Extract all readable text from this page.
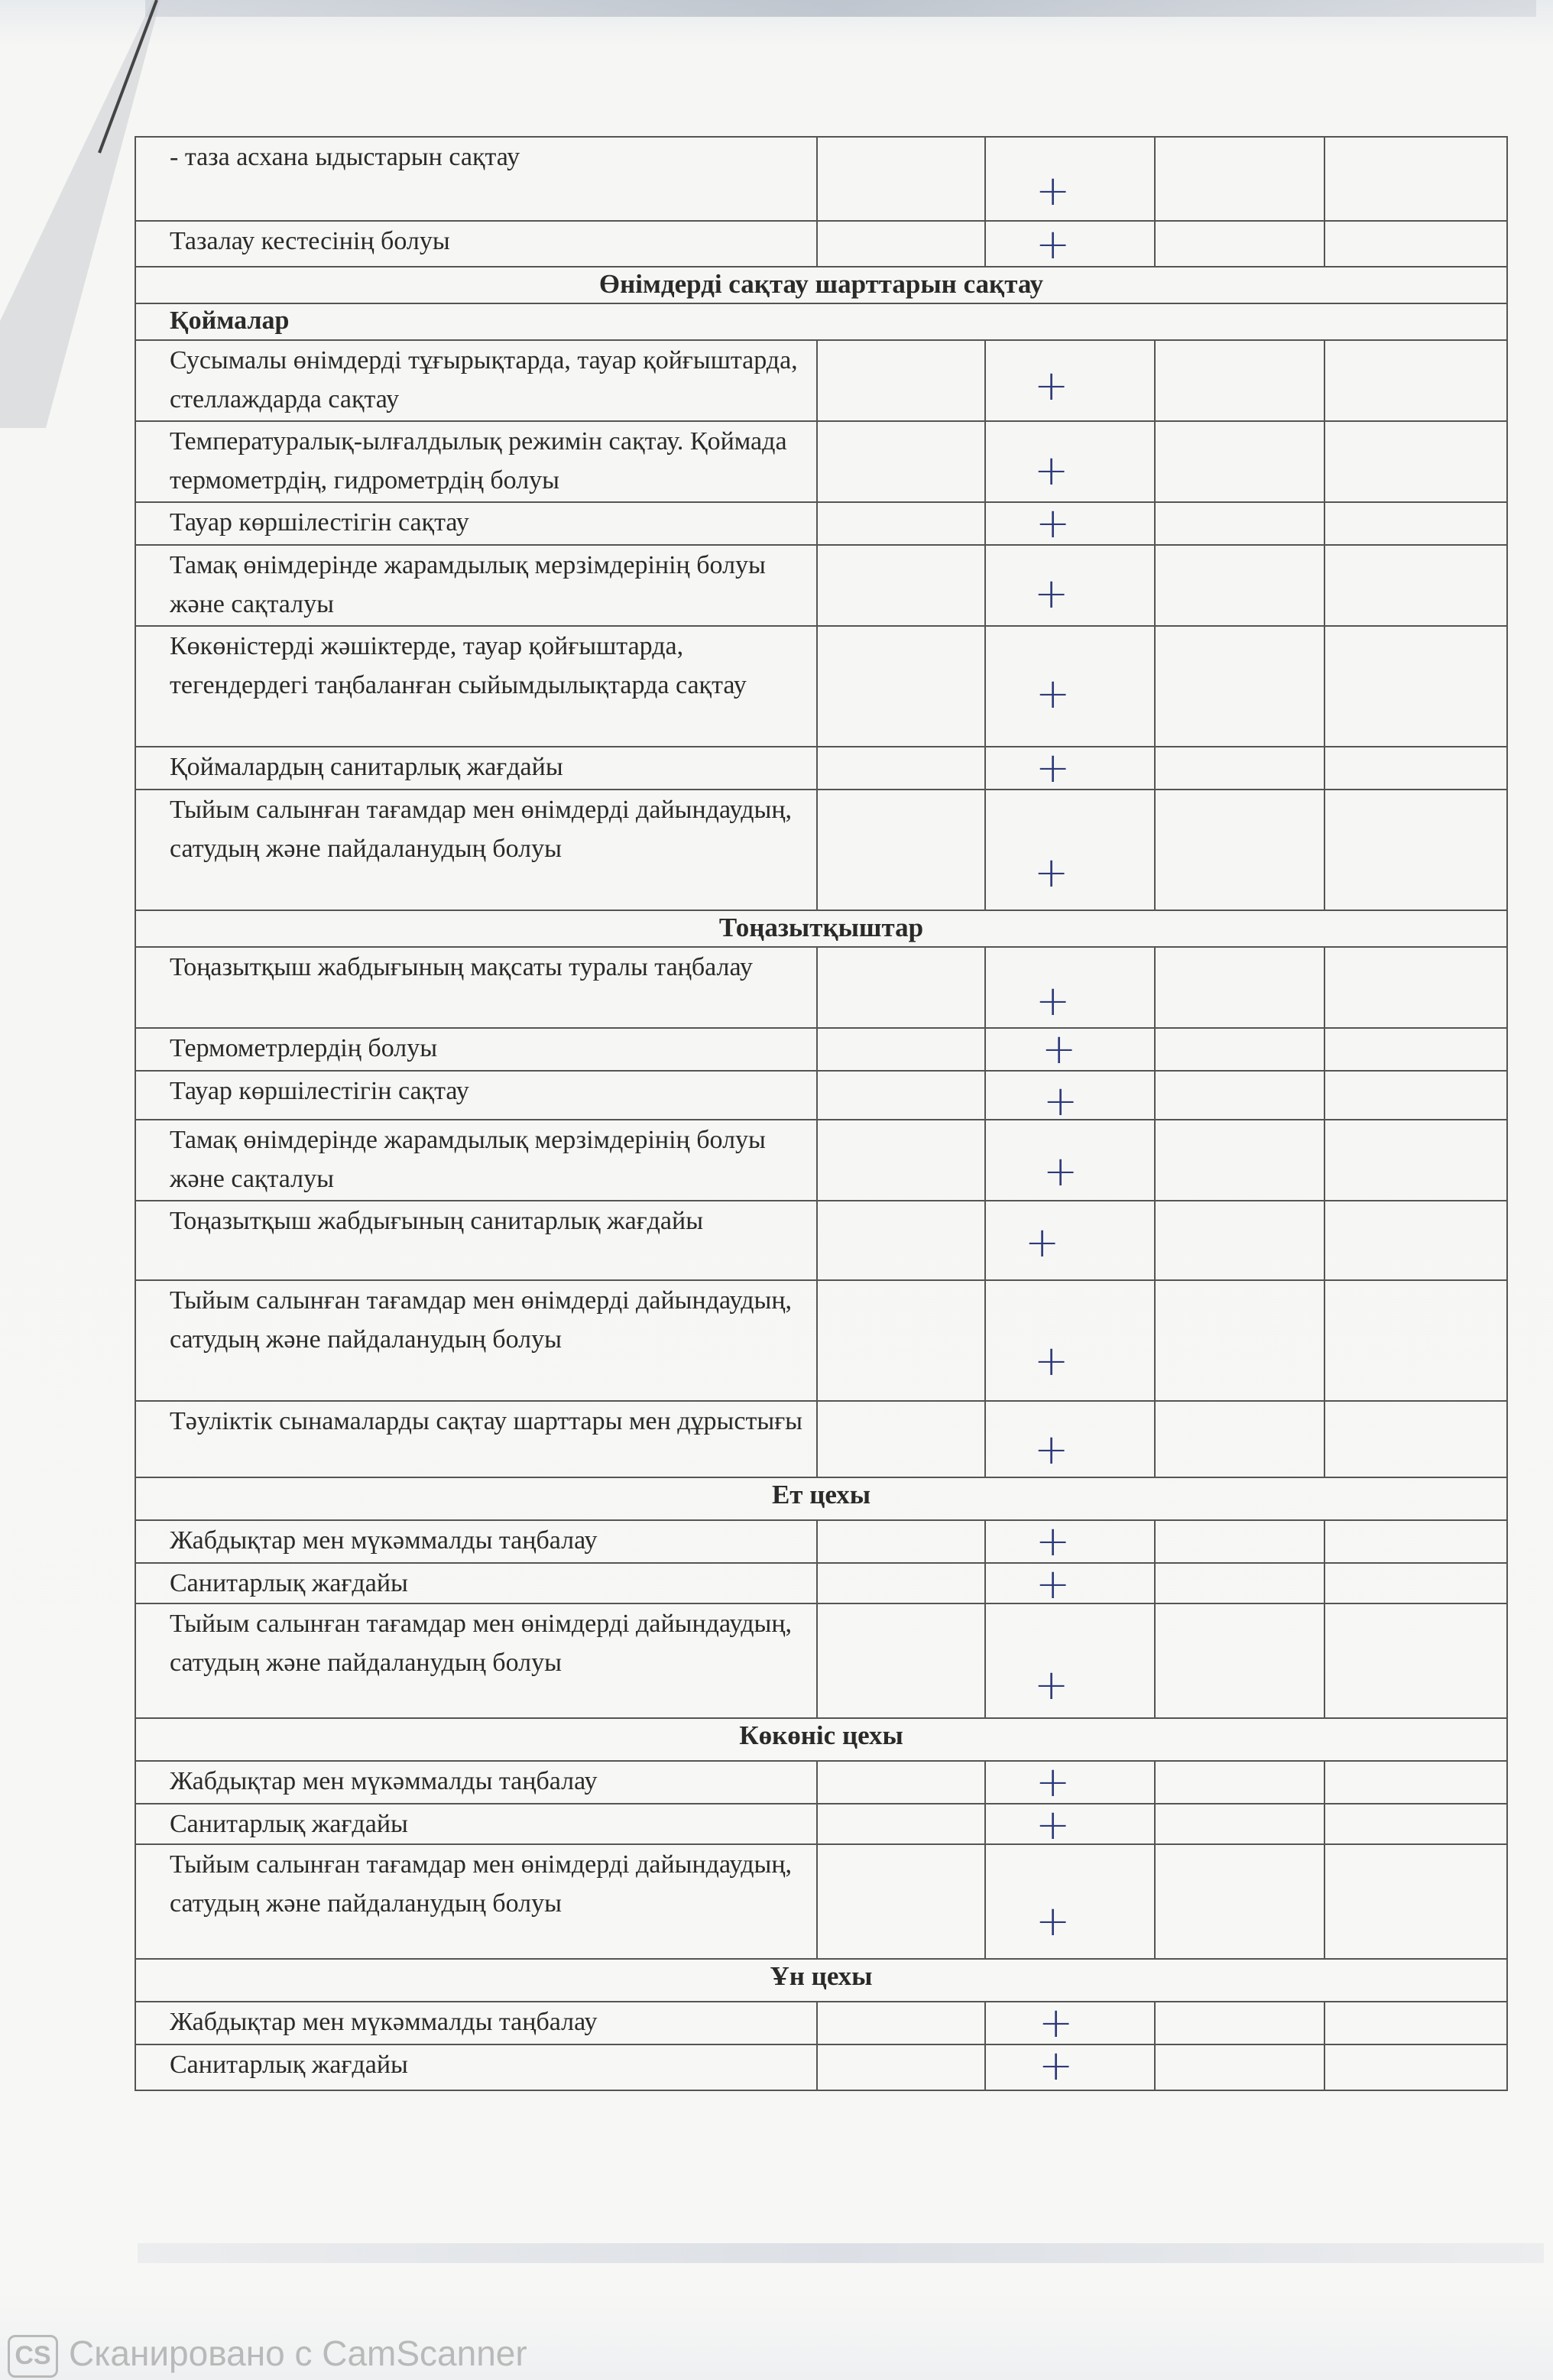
- таза асхана ыдыстарын сақтау		+		

Тазалау кестесінің болуы		+		

Өнімдерді сақтау шарттарын сақтау				
Қоймалар				
Сусымалы өнімдерді тұғырықтарда, тауар қойғыштарда, стеллаждарда сақтау		+		

Температуралық-ылғалдылық режимін сақтау. Қоймада термометрдің, гидрометрдің болуы		+		

Тауар көршілестігін сақтау		+		

Тамақ өнімдерінде жарамдылық мерзімдерінің болуы және сақталуы		+		

Көкөністерді жәшіктерде, тауар қойғыштарда, тегендердегі таңбаланған сыйымдылықтарда сақтау		+		

Қоймалардың санитарлық жағдайы		+		

Тыйым салынған тағамдар мен өнімдерді дайындаудың, сатудың және пайдаланудың болуы		+		

Тоңазытқыштар				
Тоңазытқыш жабдығының мақсаты туралы таңбалау		+		

Термометрлердің болуы		+		

Тауар көршілестігін сақтау		+		

Тамақ өнімдерінде жарамдылық мерзімдерінің болуы және сақталуы		+		

Тоңазытқыш жабдығының санитарлық жағдайы		+		

Тыйым салынған тағамдар мен өнімдерді дайындаудың, сатудың және пайдаланудың болуы		+		

Тәуліктік сынамаларды сақтау шарттары мен дұрыстығы		+		

Ет цехы				
Жабдықтар мен мүкәммалды таңбалау		+		

Санитарлық жағдайы		+		

Тыйым салынған тағамдар мен өнімдерді дайындаудың, сатудың және пайдаланудың болуы		+		

Көкөніс цехы				
Жабдықтар мен мүкәммалды таңбалау		+		

Санитарлық жағдайы		+		

Тыйым салынған тағамдар мен өнімдерді дайындаудың, сатудың және пайдаланудың болуы		+		

Ұн цехы				
Жабдықтар мен мүкәммалды таңбалау		+		

Санитарлық жағдайы		+		

CS Сканировано с CamScanner
